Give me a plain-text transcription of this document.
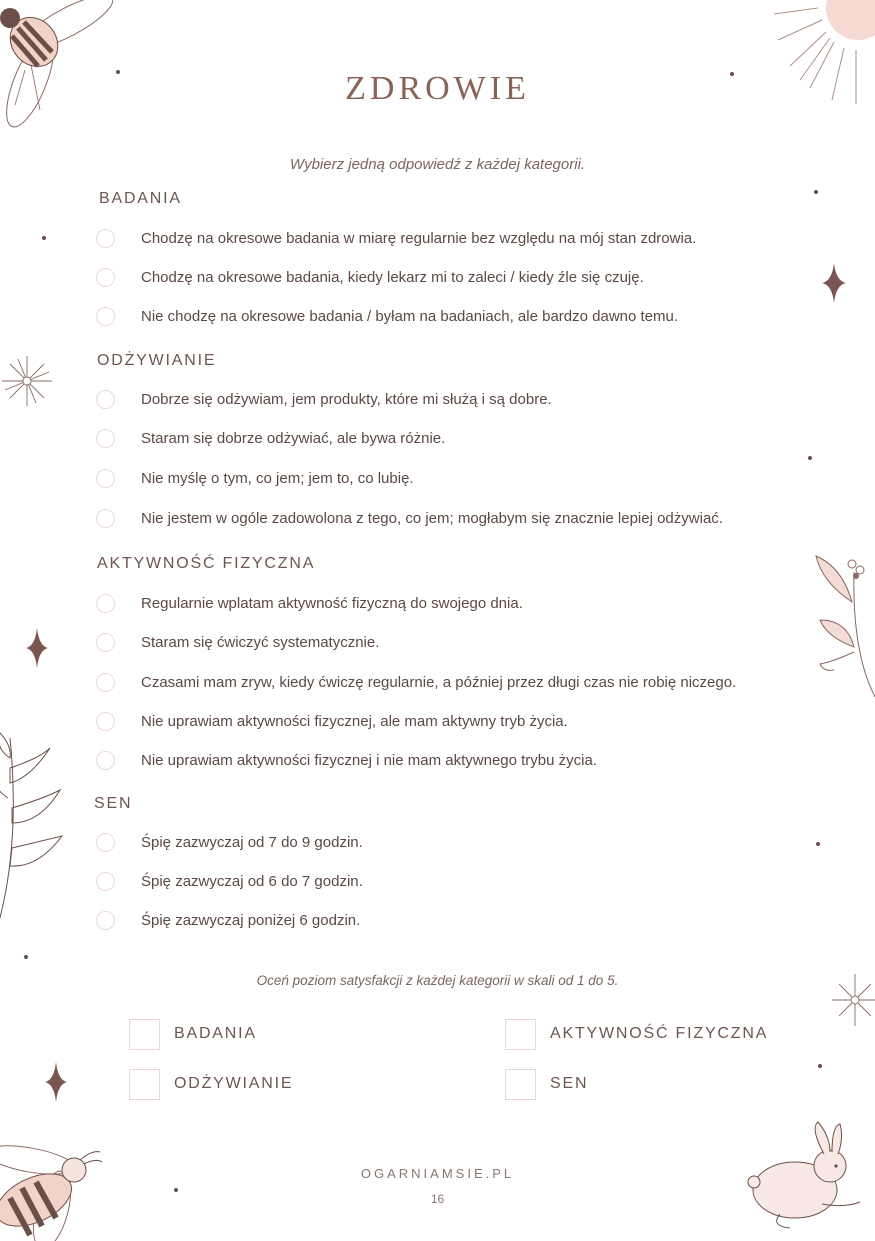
ZDROWIE
Wybierz jedną odpowiedź z każdej kategorii.
BADANIA
Chodzę na okresowe badania w miarę regularnie bez względu na mój stan zdrowia.
Chodzę na okresowe badania, kiedy lekarz mi to zaleci / kiedy źle się czuję.
Nie chodzę na okresowe badania / byłam na badaniach, ale bardzo dawno temu.
ODŻYWIANIE
Dobrze się odżywiam, jem produkty, które mi służą i są dobre.
Staram się dobrze odżywiać, ale bywa różnie.
Nie myślę o tym, co jem; jem to, co lubię.
Nie jestem w ogóle zadowolona z tego, co jem; mogłabym się znacznie lepiej odżywiać.
AKTYWNOŚĆ FIZYCZNA
Regularnie wplatam aktywność fizyczną do swojego dnia.
Staram się ćwiczyć systematycznie.
Czasami mam zryw, kiedy ćwiczę regularnie, a później przez długi czas nie robię niczego.
Nie uprawiam aktywności fizycznej, ale mam aktywny tryb życia.
Nie uprawiam aktywności fizycznej i nie mam aktywnego trybu życia.
SEN
Śpię zazwyczaj od 7 do 9 godzin.
Śpię zazwyczaj od 6 do 7 godzin.
Śpię zazwyczaj poniżej 6 godzin.
Oceń poziom satysfakcji z każdej kategorii w skali od 1 do 5.
BADANIA
ODŻYWIANIE
AKTYWNOŚĆ FIZYCZNA
SEN
OGARNIAMSIE.PL
16
